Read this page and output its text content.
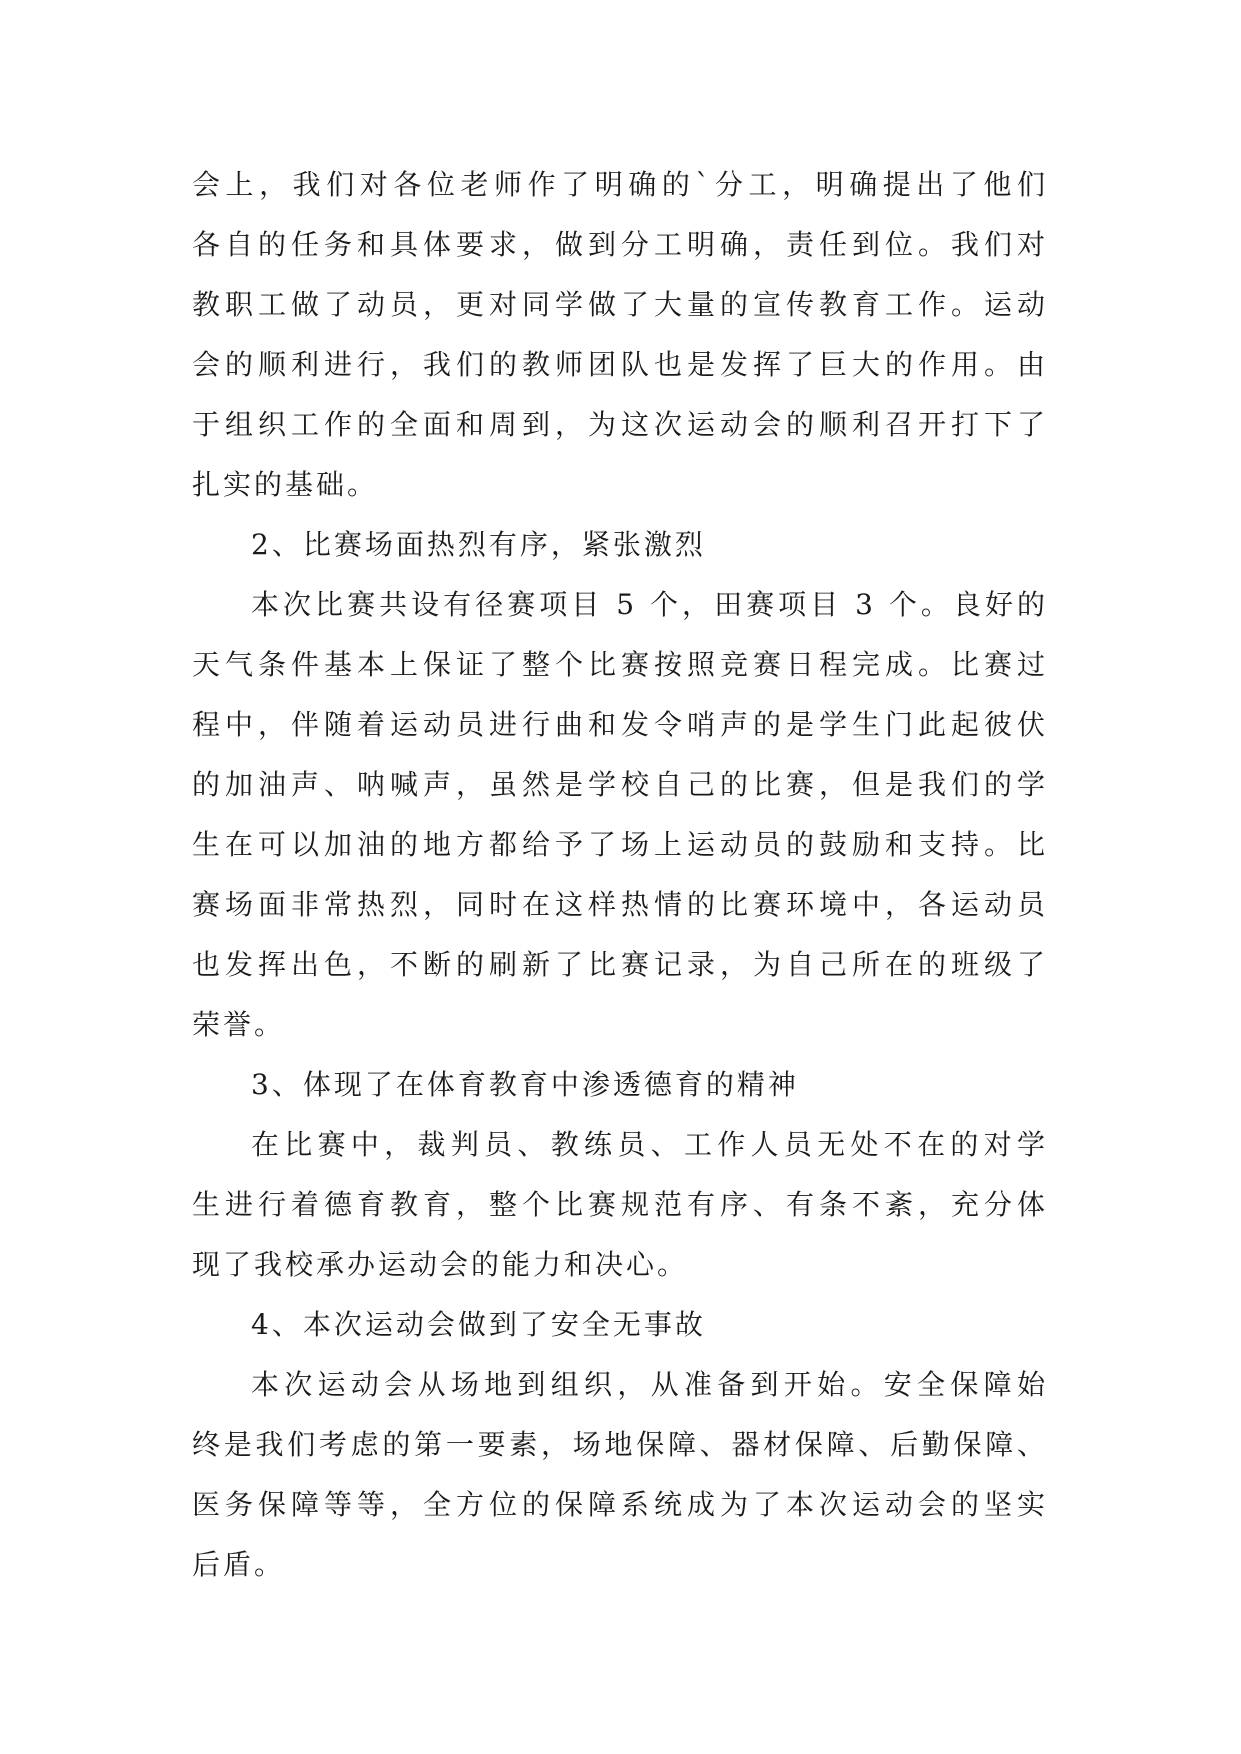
会上，我们对各位老师作了明确的`分工，明确提出了他们
各自的任务和具体要求，做到分工明确，责任到位。我们对
教职工做了动员，更对同学做了大量的宣传教育工作。运动
会的顺利进行，我们的教师团队也是发挥了巨大的作用。由
于组织工作的全面和周到，为这次运动会的顺利召开打下了
扎实的基础。
2、比赛场面热烈有序，紧张激烈
本次比赛共设有径赛项目 5 个，田赛项目 3 个。良好的
天气条件基本上保证了整个比赛按照竞赛日程完成。比赛过
程中，伴随着运动员进行曲和发令哨声的是学生门此起彼伏
的加油声、呐喊声，虽然是学校自己的比赛，但是我们的学
生在可以加油的地方都给予了场上运动员的鼓励和支持。比
赛场面非常热烈，同时在这样热情的比赛环境中，各运动员
也发挥出色，不断的刷新了比赛记录，为自己所在的班级了
荣誉。
3、体现了在体育教育中渗透德育的精神
在比赛中，裁判员、教练员、工作人员无处不在的对学
生进行着德育教育，整个比赛规范有序、有条不紊，充分体
现了我校承办运动会的能力和决心。
4、本次运动会做到了安全无事故
本次运动会从场地到组织，从准备到开始。安全保障始
终是我们考虑的第一要素，场地保障、器材保障、后勤保障、
医务保障等等，全方位的保障系统成为了本次运动会的坚实
后盾。
